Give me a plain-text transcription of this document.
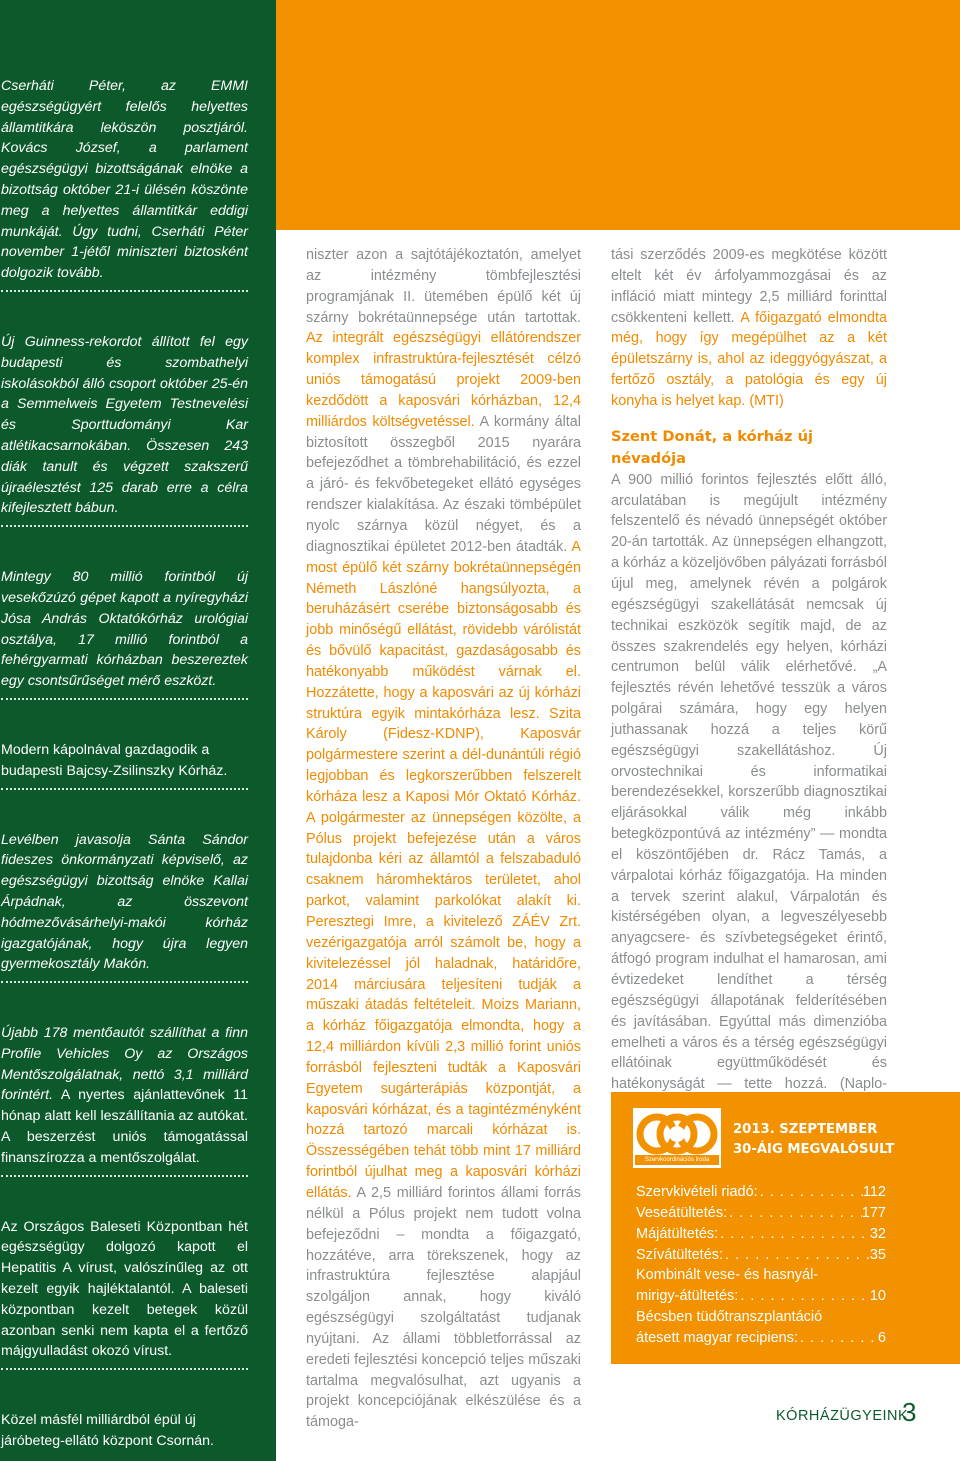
Cserháti Péter, az EMMI egészségügyért felelős helyettes államtitkára leköszön posztjáról. Kovács József, a parlament egészségügyi bizottságának elnöke a bizottság október 21-i ülésén köszönte meg a helyettes államtitkár eddigi munkáját. Úgy tudni, Cserháti Péter november 1-jétől miniszteri biztosként dolgozik tovább.

Új Guinness-rekordot állított fel egy budapesti és szombathelyi iskolásokból álló csoport október 25-én a Semmelweis Egyetem Testnevelési és Sporttudományi Kar atlétikacsarnokában. Összesen 243 diák tanult és végzett szakszerű újraélesztést 125 darab erre a célra kifejlesztett bábun.

Mintegy 80 millió forintból új vesekőzúzó gépet kapott a nyíregyházi Jósa András Oktatókórház urológiai osztálya, 17 millió forintból a fehérgyarmati kórházban beszereztek egy csontsűrűséget mérő eszközt.

Modern kápolnával gazdagodik a budapesti Bajcsy-Zsilinszky Kórház.

Levélben javasolja Sánta Sándor fideszes önkormányzati képviselő, az egészségügyi bizottság elnöke Kallai Árpádnak, az összevont hódmezővásárhelyi-makói kórház igazgatójának, hogy újra legyen gyermekosztály Makón.

Újabb 178 mentőautót szállíthat a finn Profile Vehicles Oy az Országos Mentőszolgálatnak, nettó 3,1 milliárd forintért. A nyertes ajánlattevőnek 11 hónap alatt kell leszállítania az autókat. A beszerzést uniós támogatással finanszírozza a mentőszolgálat.

Az Országos Baleseti Központban hét egészségügy dolgozó kapott el Hepatitis A vírust, valószínűleg az ott kezelt egyik hajléktalantól. A baleseti központban kezelt betegek közül azonban senki nem kapta el a fertőző májgyulladást okozó vírust.

Közel másfél milliárdból épül új járóbeteg-ellátó központ Csornán.

niszter azon a sajtótájékoztatón, amelyet az intézmény tömbfejlesztési programjának II. ütemében épülő két új szárny bokrétaünnepsége után tartottak. Az integrált egészségügyi ellátórendszer komplex infrastruktúra-fejlesztését célzó uniós támogatású projekt 2009-ben kezdődött a kaposvári kórházban, 12,4 milliárdos költségvetéssel. A kormány által biztosított összegből 2015 nyarára befejeződhet a tömbrehabilitáció, és ezzel a járó- és fekvőbetegeket ellátó egységes rendszer kialakítása. Az északi tömbépület nyolc szárnya közül négyet, és a diagnosztikai épületet 2012-ben átadták. A most épülő két szárny bokrétaünnepségén Németh Lászlóné hangsúlyozta, a beruházásért cserébe biztonságosabb és jobb minőségű ellátást, rövidebb várólistát és bővülő kapacitást, gazdaságosabb és hatékonyabb működést várnak el. Hozzátette, hogy a kaposvári az új kórházi struktúra egyik mintakórháza lesz. Szita Károly (Fidesz-KDNP), Kaposvár polgármestere szerint a dél-dunántúli régió legjobban és legkorszerűbben felszerelt kórháza lesz a Kaposi Mór Oktató Kórház. A polgármester az ünnepségen közölte, a Pólus projekt befejezése után a város tulajdonba kéri az államtól a felszabaduló csaknem háromhektáros területet, ahol parkot, valamint parkolókat alakít ki. Peresztegi Imre, a kivitelező ZÁÉV Zrt. vezérigazgatója arról számolt be, hogy a kivitelezéssel jól haladnak, határidőre, 2014 márciusára teljesíteni tudják a műszaki átadás feltételeit. Moizs Mariann, a kórház főigazgatója elmondta, hogy a 12,4 milliárdon kívüli 2,3 millió forint uniós forrásból fejleszteni tudták a Kaposvári Egyetem sugárterápiás központját, a kaposvári kórházat, és a tagintézményként hozzá tartozó marcali kórházat is. Összességében tehát több mint 17 milliárd forintból újulhat meg a kaposvári kórházi ellátás. A 2,5 milliárd forintos állami forrás nélkül a Pólus projekt nem tudott volna befejeződni – mondta a főigazgató, hozzátéve, arra törekszenek, hogy az infrastruktúra fejlesztése alapjául szolgáljon annak, hogy kiváló egészségügyi szolgáltatást tudjanak nyújtani. Az állami többletforrással az eredeti fejlesztési koncepció teljes műszaki tartalma megvalósulhat, azt ugyanis a projekt koncepciójának elkészülése és a támoga-

tási szerződés 2009-es megkötése között eltelt két év árfolyammozgásai és az infláció miatt mintegy 2,5 milliárd forinttal csökkenteni kellett. A főigazgató elmondta még, hogy így megépülhet az a két épületszárny is, ahol az ideggyógyászat, a fertőző osztály, a patológia és egy új konyha is helyet kap. (MTI)

Szent Donát, a kórház új névadója

A 900 millió forintos fejlesztés előtt álló, arculatában is megújult intézmény felszentelő és névadó ünnepségét október 20-án tartották. Az ünnepségen elhangzott, a kórház a közeljövőben pályázati forrásból újul meg, amelynek révén a polgárok egészségügyi szakellátását nemcsak új technikai eszközök segítik majd, de az összes szakrendelés egy helyen, kórházi centrumon belül válik elérhetővé. „A fejlesztés révén lehetővé tesszük a város polgárai számára, hogy egy helyen juthassanak hozzá a teljes körű egészségügyi szakellátáshoz. Új orvostechnikai és informatikai berendezésekkel, korszerűbb diagnosztikai eljárásokkal válik még inkább betegközpontúvá az intézmény” — mondta el köszöntőjében dr. Rácz Tamás, a várpalotai kórház főigazgatója. Ha minden a tervek szerint alakul, Várpalotán és kistérségében olyan, a legveszélyesebb anyagcsere- és szívbetegségeket érintő, átfogó program indulhat el hamarosan, ami évtizedeket lendíthet a térség egészségügyi állapotának felderítésében és javításában. Egyúttal más dimenzióba emelheti a város és a térség egészségügyi ellátóinak együttműködését és hatékonyságát — tette hozzá. (Naplo-

Szervkoordinációs Iroda
2013. SZEPTEMBER
30-ÁIG MEGVALÓSULT
Szervkivételi riadó: . . .	112
Veseátültetés: . . .	177
Májátültetés: . . .	32
Szívátültetés: . . .	35
Kombinált vese- és hasnyál-
mirigy-átültetés: . . .	10
Bécsben tüdőtranszplantáció
átesett magyar recipiens: . . .	6
KÓRHÁZÜGYEINK
3
